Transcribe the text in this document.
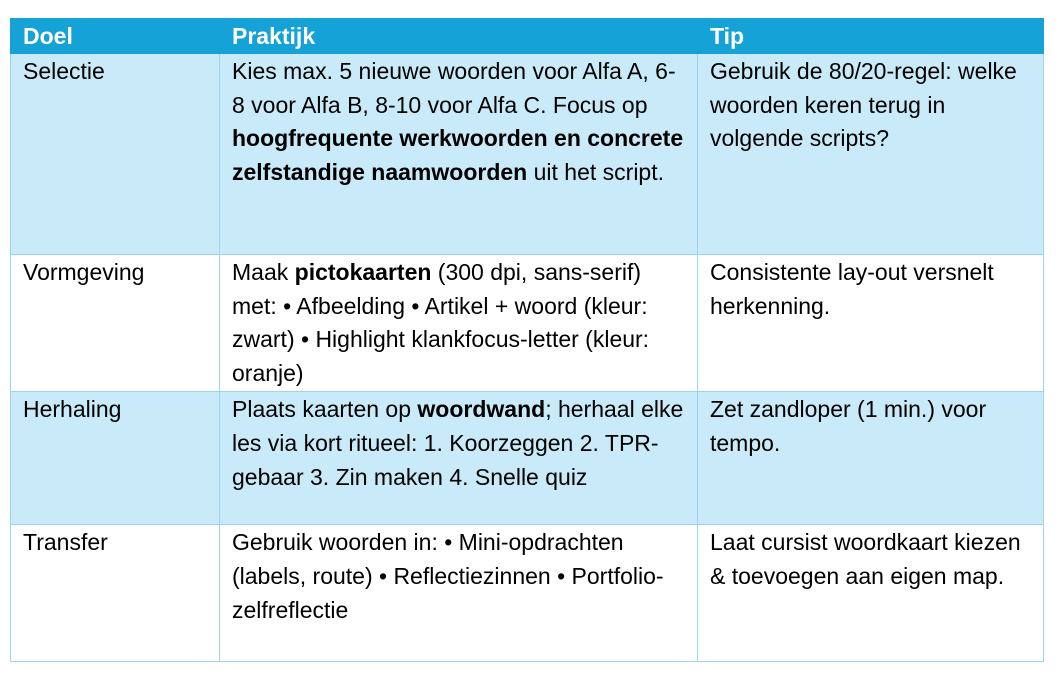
Doel	Praktijk	Tip
Selectie	Kies max. 5 nieuwe woorden voor Alfa A, 6-8 voor Alfa B, 8-10 voor Alfa C. Focus op hoogfrequente werkwoorden en concrete zelfstandige naamwoorden uit het script.	Gebruik de 80/20-regel: welke woorden keren terug in volgende scripts?
Vormgeving	Maak pictokaarten (300 dpi, sans-serif) met: • Afbeelding • Artikel + woord (kleur: zwart) • Highlight klankfocus-letter (kleur: oranje)	Consistente lay-out versnelt herkenning.
Herhaling	Plaats kaarten op woordwand; herhaal elke les via kort ritueel: 1. Koorzeggen 2. TPR-gebaar 3. Zin maken 4. Snelle quiz	Zet zandloper (1 min.) voor tempo.
Transfer	Gebruik woorden in: • Mini-opdrachten (labels, route) • Reflectiezinnen • Portfolio-zelfreflectie	Laat cursist woordkaart kiezen & toevoegen aan eigen map.
